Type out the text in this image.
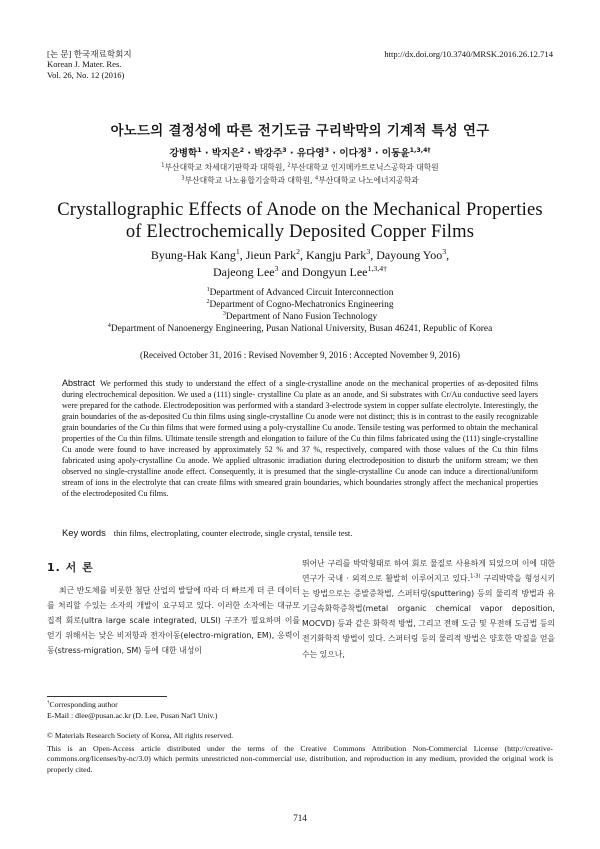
[논 문] 한국재료학회지
Korean J. Mater. Res.
Vol. 26, No. 12 (2016)
http://dx.doi.org/10.3740/MRSK.2016.26.12.714
아노드의 결정성에 따른 전기도금 구리박막의 기계적 특성 연구
강병학$^1$ · 박지은$^2$ · 박강주$^3$ · 유다영$^3$ · 이다정$^3$ · 이동윤$^{1,3,4\dagger}$
$^1$부산대학교 차세대기판학과 대학원, $^2$부산대학교 인지메카트로닉스공학과 대학원
$^3$부산대학교 나노융합기술학과 대학원, $^4$부산대학교 나노에너지공학과
Crystallographic Effects of Anode on the Mechanical Properties
of Electrochemically Deposited Copper Films
Byung-Hak Kang$^1$, Jieun Park$^2$, Kangju Park$^3$, Dayoung Yoo$^3$,
Dajeong Lee$^3$ and Dongyun Lee$^{1,3,4\dagger}$
$^1$Department of Advanced Circuit Interconnection
$^2$Department of Cogno-Mechatronics Engineering
$^3$Department of Nano Fusion Technology
$^4$Department of Nanoenergy Engineering, Pusan National University, Busan 46241, Republic of Korea
(Received October 31, 2016 : Revised November 9, 2016 : Accepted November 9, 2016)
Abstract We performed this study to understand the effect of a single-crystalline anode on the mechanical properties of as-deposited films during electrochemical deposition. We used a (111) single- crystalline Cu plate as an anode, and Si substrates with Cr/Au conductive seed layers were prepared for the cathode. Electrodeposition was performed with a standard 3-electrode system in copper sulfate electrolyte. Interestingly, the grain boundaries of the as-deposited Cu thin films using single-crystalline Cu anode were not distinct; this is in contrast to the easily recognizable grain boundaries of the Cu thin films that were formed using a poly-crystalline Cu anode. Tensile testing was performed to obtain the mechanical properties of the Cu thin films. Ultimate tensile strength and elongation to failure of the Cu thin films fabricated using the (111) single-crystalline Cu anode were found to have increased by approximately 52 % and 37 %, respectively, compared with those values of the Cu thin films fabricated using apoly-crystalline Cu anode. We applied ultrasonic irradiation during electrodeposition to disturb the uniform stream; we then observed no single-crystalline anode effect. Consequently, it is presumed that the single-crystalline Cu anode can induce a directional/uniform stream of ions in the electrolyte that can create films with smeared grain boundaries, which boundaries strongly affect the mechanical properties of the electrodeposited Cu films.
Key words thin films, electroplating, counter electrode, single crystal, tensile test.
1. 서 론

최근 반도체를 비롯한 첨단 산업의 발달에 따라 더 빠르게 더 큰 데이터를 처리할 수있는 소자의 개발이 요구되고 있다. 이러한 소자에는 대규모 집적 회로(ultra large scale integrated, ULSI) 구조가 필요하며 이를 얻기 위해서는 낮은 비저항과 전자이동(electro-migration, EM), 응력이동(stress-migration, SM) 등에 대한 내성이

뛰어난 구리를 박막형태로 하여 회로 물질로 사용하게 되었으며 이에 대한 연구가 국내 · 외적으로 활발히 이루어지고 있다.$^{1-3)}$ 구리박막을 형성시키는 방법으로는 증발증착법, 스퍼터링(sputtering) 등의 물리적 방법과 유기금속화학증착법(metal organic chemical vapor deposition, MOCVD) 등과 같은 화학적 방법, 그리고 전해 도금 및 무전해 도금법 등의 전기화학적 방법이 있다. 스퍼터링 등의 물리적 방법은 양호한 막질을 얻을 수는 있으나,

†Corresponding author
E-Mail : dlee@pusan.ac.kr (D. Lee, Pusan Nat'l Univ.)
© Materials Research Society of Korea, All rights reserved.
This is an Open-Access article distributed under the terms of the Creative Commons Attribution Non-Commercial License (http://creative-commons.org/licenses/by-nc/3.0) which permits unrestricted non-commercial use, distribution, and reproduction in any medium, provided the original work is properly cited.
714
